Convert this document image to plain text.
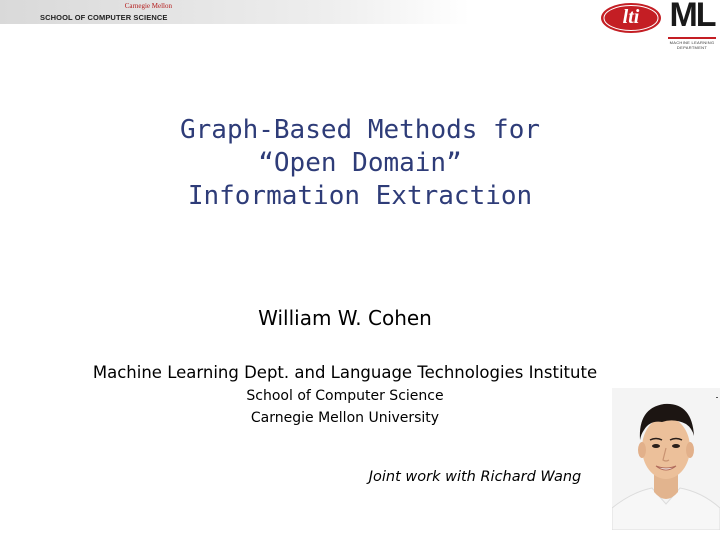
Carnegie Mellon
SCHOOL OF COMPUTER SCIENCE	lti ML
MACHINE LEARNING
DEPARTMENT
Graph-Based Methods for
“Open Domain”
Information Extraction
William W. Cohen
Machine Learning Dept. and Language Technologies Institute
School of Computer Science
Carnegie Mellon University
Joint work with Richard Wang
